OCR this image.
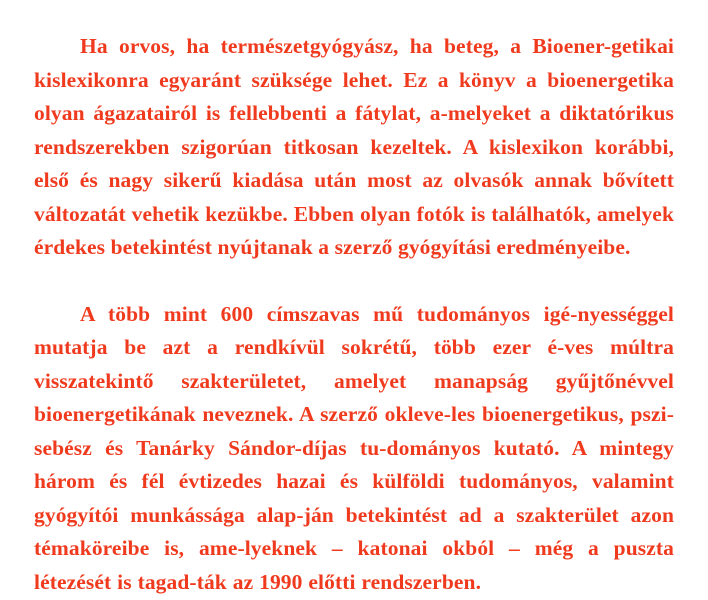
Ha orvos, ha természetgyógyász, ha beteg, a Bioener-getikai kislexikonra egyaránt szüksége lehet. Ez a könyv a bioenergetika olyan ágazatairól is fellebbenti a fátylat, a-melyeket a diktatórikus rendszerekben szigorúan titkosan kezeltek. A kislexikon korábbi, első és nagy sikerű kiadása után most az olvasók annak bővített változatát vehetik kezükbe. Ebben olyan fotók is találhatók, amelyek érdekes betekintést nyújtanak a szerző gyógyítási eredményeibe.

A több mint 600 címszavas mű tudományos igé-nyességgel mutatja be azt a rendkívül sokrétű, több ezer é-ves múltra visszatekintő szakterületet, amelyet manapság gyűjtőnévvel bioenergetikának neveznek. A szerző okleve-les bioenergetikus, pszi-sebész és Tanárky Sándor-díjas tu-dományos kutató. A mintegy három és fél évtizedes hazai és külföldi tudományos, valamint gyógyítói munkássága alap-ján betekintést ad a szakterület azon témaköreibe is, ame-lyeknek – katonai okból – még a puszta létezését is tagad-ták az 1990 előtti rendszerben.
